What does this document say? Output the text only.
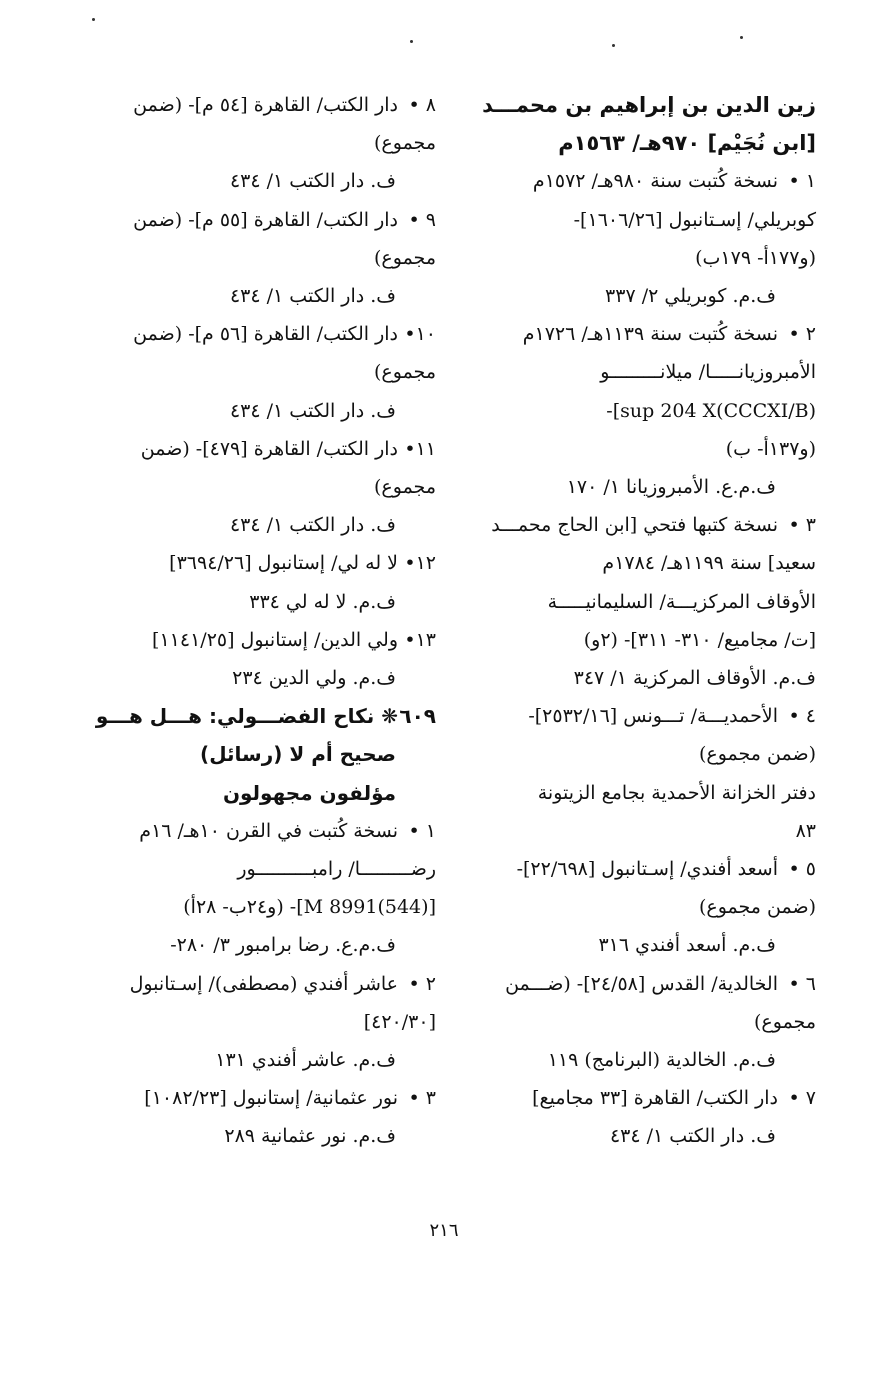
زين الدين بن إبراهيم بن محمـــد
[ابن نُجَيْم] ٩٧٠هـ/ ١٥٦٣م
١ •
نسخة كُتبت سنة ٩٨٠هـ/ ١٥٧٢م
كوبريلي/ إسـتانبول [١٦٠٦/٢٦]-
(و١٧٧أ- ١٧٩ب)
ف.م. كوبريلي ٢/ ٣٣٧
٢ •
نسخة كُتبت سنة ١١٣٩هـ/ ١٧٢٦م
الأمبروزيانـــــا/ ميلانـــــــــو
sup 204 X(CCCXI/B)]-
(و١٣٧أ- ب)
ف.م.ع. الأمبروزيانا ١/ ١٧٠
٣ •
نسخة كتبها فتحي [ابن الحاج محمـــد
سعيد] سنة ١١٩٩هـ/ ١٧٨٤م
الأوقاف المركزيـــة/ السليمانيـــــة
[ت/ مجاميع/ ٣١٠- ٣١١]- (٢و)
ف.م. الأوقاف المركزية ١/ ٣٤٧
٤ •
الأحمديـــة/ تـــونس [٢٥٣٢/١٦]-
(ضمن مجموع)
دفتر الخزانة الأحمدية بجامع الزيتونة
٨٣
٥ •
أسعد أفندي/ إسـتانبول [٢٢/٦٩٨]-
(ضمن مجموع)
ف.م. أسعد أفندي ٣١٦
٦ •
الخالدية/ القدس [٢٤/٥٨]- (ضـــمن
مجموع)
ف.م. الخالدية (البرنامج) ١١٩
٧ •
دار الكتب/ القاهرة [٣٣ مجاميع]
ف. دار الكتب ١/ ٤٣٤
٨ •
دار الكتب/ القاهرة [٥٤ م]- (ضمن
مجموع)
ف. دار الكتب ١/ ٤٣٤
٩ •
دار الكتب/ القاهرة [٥٥ م]- (ضمن
مجموع)
ف. دار الكتب ١/ ٤٣٤
١٠•
دار الكتب/ القاهرة [٥٦ م]- (ضمن
مجموع)
ف. دار الكتب ١/ ٤٣٤
١١•
دار الكتب/ القاهرة [٤٧٩]- (ضمن
مجموع)
ف. دار الكتب ١/ ٤٣٤
١٢•
لا له لي/ إستانبول [٣٦٩٤/٢٦]
ف.م. لا له لي ٣٣٤
١٣•
ولي الدين/ إستانبول [١١٤١/٢٥]
ف.م. ولي الدين ٢٣٤
٦٠٩
❋ نكاح الفضـــولي: هـــل هـــو
صحيح أم لا (رسائل)
مؤلفون مجهولون
١ •
نسخة كُتبت في القرن ١٠هـ/ ١٦م
رضـــــــــا/ رامبــــــــــور
[M 8991(544)]- (و٢٤ب- ٢٨أ)
ف.م.ع. رضا برامبور ٣/ ٢٨٠-
٢ •
عاشر أفندي (مصطفى)/ إسـتانبول
[٤٢٠/٣٠]
ف.م. عاشر أفندي ١٣١
٣ •
نور عثمانية/ إستانبول [١٠٨٢/٢٣]
ف.م. نور عثمانية ٢٨٩
٢١٦
